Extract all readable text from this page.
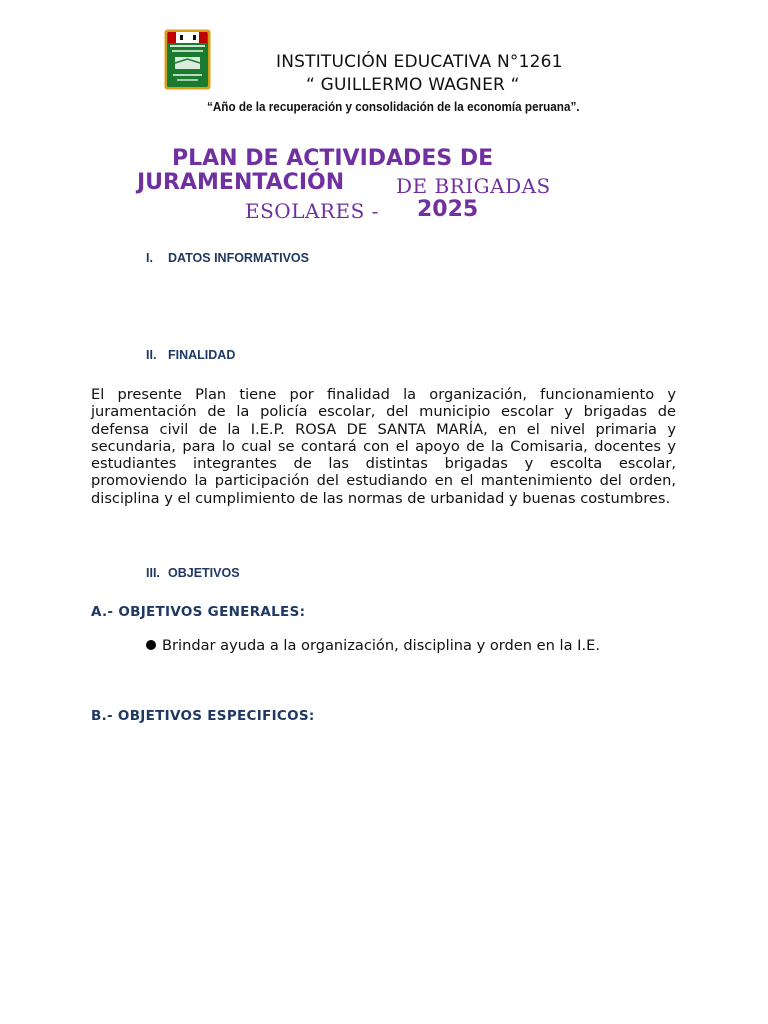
INSTITUCIÓN EDUCATIVA N°1261
“ GUILLERMO WAGNER “
“Año de la recuperación y consolidación de la economía peruana”.
PLAN DE ACTIVIDADES DE
JURAMENTACIÓN	DE BRIGADAS
ESOLARES - 2025
I. DATOS INFORMATIVOS
II. FINALIDAD
El presente Plan tiene por finalidad la organización, funcionamiento y juramentación de la policía escolar, del municipio escolar y brigadas de defensa civil de la I.E.P. ROSA DE SANTA MARÍA, en el nivel primaria y secundaria, para lo cual se contará con el apoyo de la Comisaria, docentes y estudiantes integrantes de las distintas brigadas y escolta escolar, promoviendo la participación del estudiando en el mantenimiento del orden, disciplina y el cumplimiento de las normas de urbanidad y buenas costumbres.
III. OBJETIVOS
A.- OBJETIVOS GENERALES:
Brindar ayuda a la organización, disciplina y orden en la I.E.
B.- OBJETIVOS ESPECIFICOS:
